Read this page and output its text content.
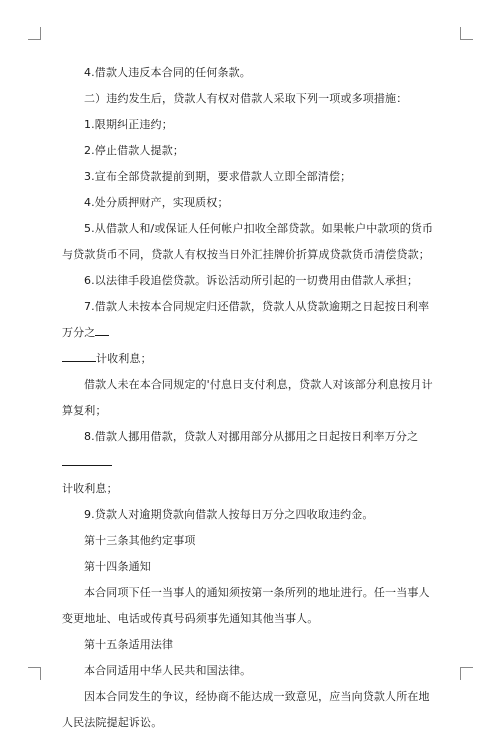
4.借款人违反本合同的任何条款。

二）违约发生后，贷款人有权对借款人采取下列一项或多项措施：

1.限期纠正违约；

2.停止借款人提款；

3.宣布全部贷款提前到期，要求借款人立即全部清偿；

4.处分质押财产，实现质权；

5.从借款人和/或保证人任何帐户扣收全部贷款。如果帐户中款项的货币与贷款货币不同，贷款人有权按当日外汇挂牌价折算成贷款货币清偿贷款；

6.以法律手段追偿贷款。诉讼活动所引起的一切费用由借款人承担；

7.借款人未按本合同规定归还借款，贷款人从贷款逾期之日起按日利率万分之
计收利息；

借款人未在本合同规定的'付息日支付利息，贷款人对该部分利息按月计算复利；

8.借款人挪用借款，贷款人对挪用部分从挪用之日起按日利率万分之
计收利息；

9.贷款人对逾期贷款向借款人按每日万分之四收取违约金。

第十三条其他约定事项

第十四条通知

本合同项下任一当事人的通知须按第一条所列的地址进行。任一当事人变更地址、电话或传真号码须事先通知其他当事人。

第十五条适用法律

本合同适用中华人民共和国法律。

因本合同发生的争议，经协商不能达成一致意见，应当向贷款人所在地人民法院提起诉讼。
